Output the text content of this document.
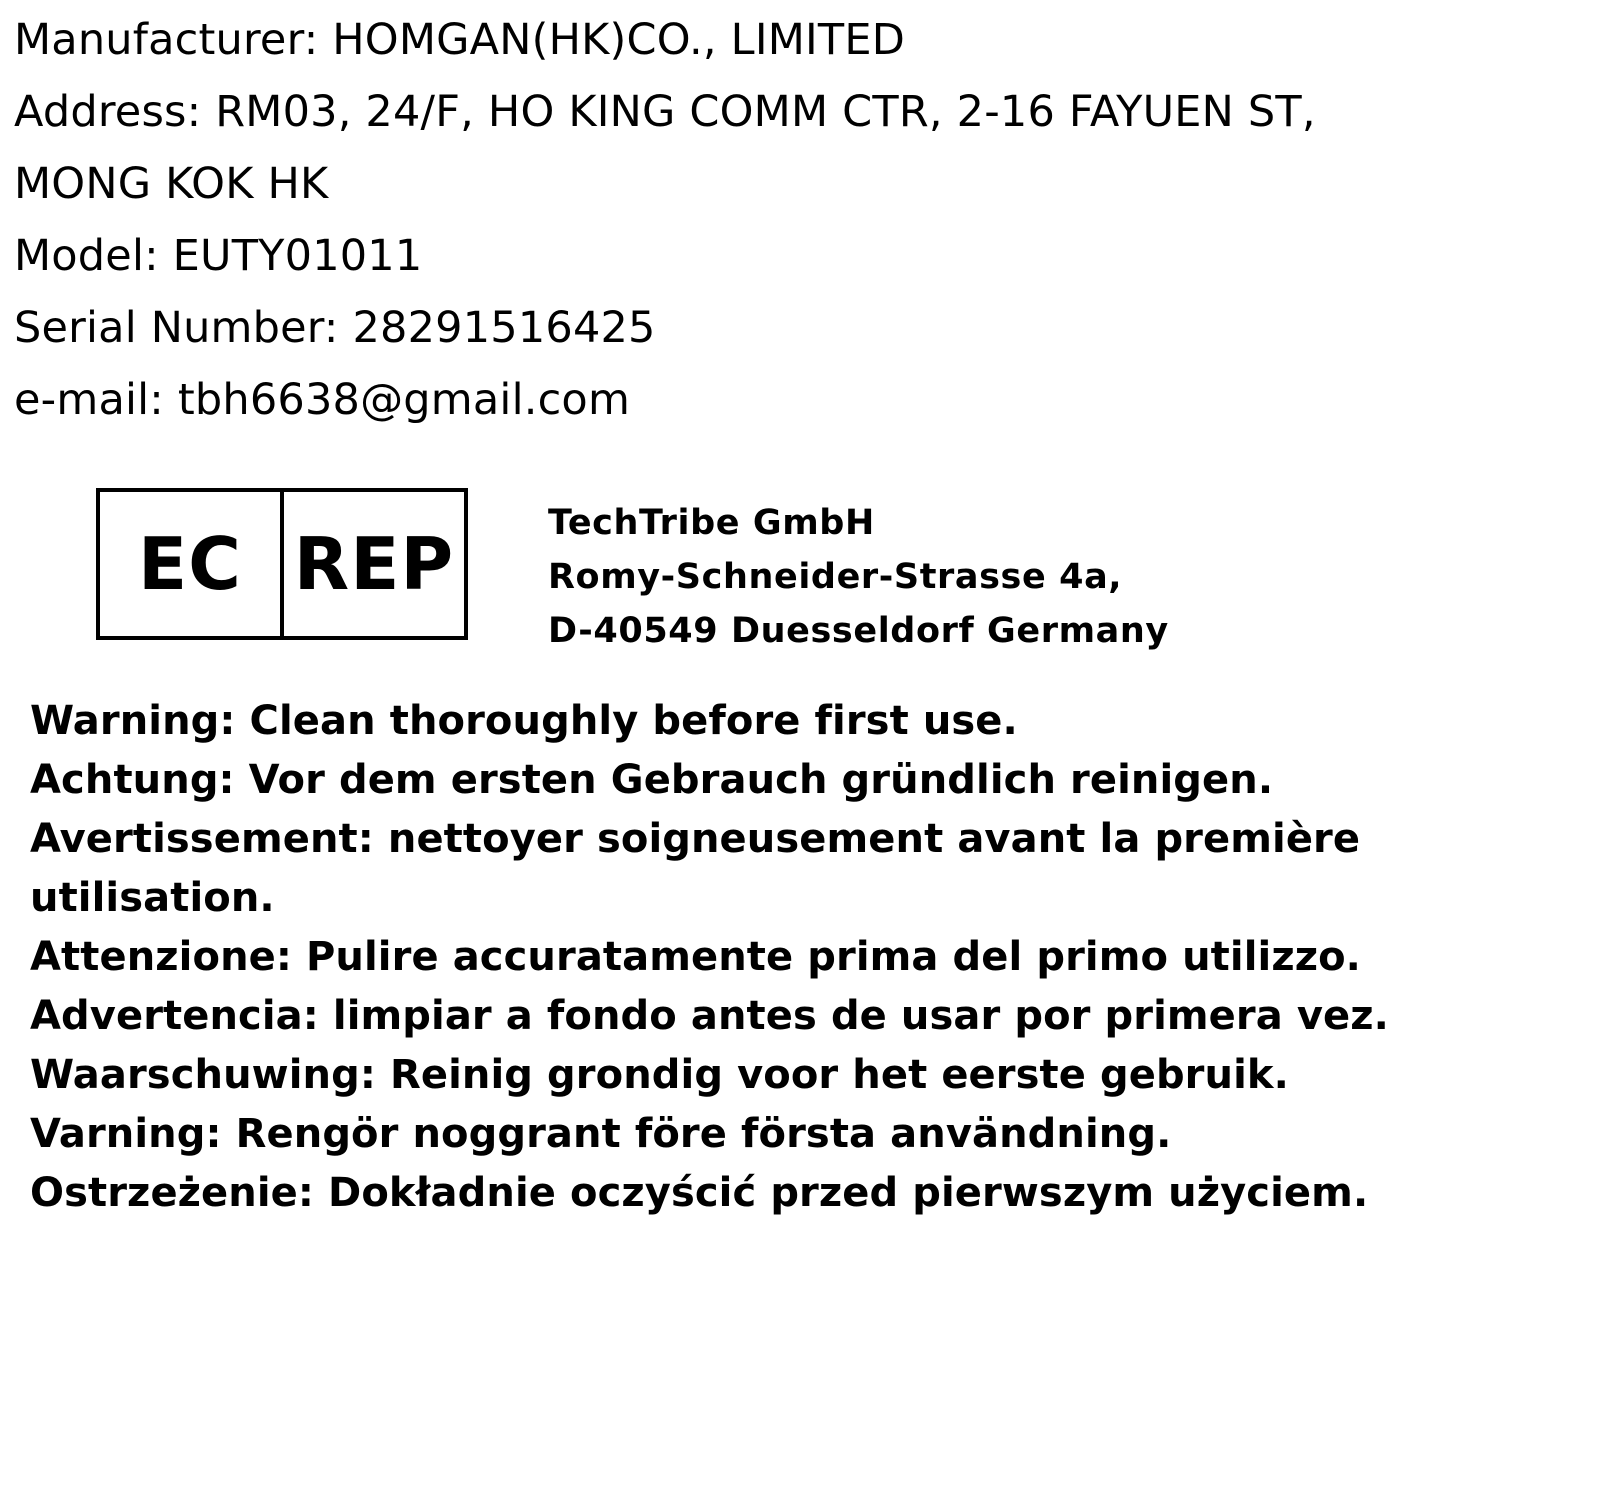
Manufacturer: HOMGAN(HK)CO., LIMITED
Address: RM03, 24/F, HO KING COMM CTR, 2-16 FAYUEN ST,
MONG KOK HK
Model: EUTY01011
Serial Number: 28291516425
e-mail: tbh6638@gmail.com
EC REP	TechTribe GmbH
Romy-Schneider-Strasse 4a,
D-40549 Duesseldorf Germany
Warning: Clean thoroughly before first use.
Achtung: Vor dem ersten Gebrauch gründlich reinigen.
Avertissement: nettoyer soigneusement avant la première utilisation.
Attenzione: Pulire accuratamente prima del primo utilizzo.
Advertencia: limpiar a fondo antes de usar por primera vez.
Waarschuwing: Reinig grondig voor het eerste gebruik.
Varning: Rengör noggrant före första användning.
Ostrzeżenie: Dokładnie oczyścić przed pierwszym użyciem.
